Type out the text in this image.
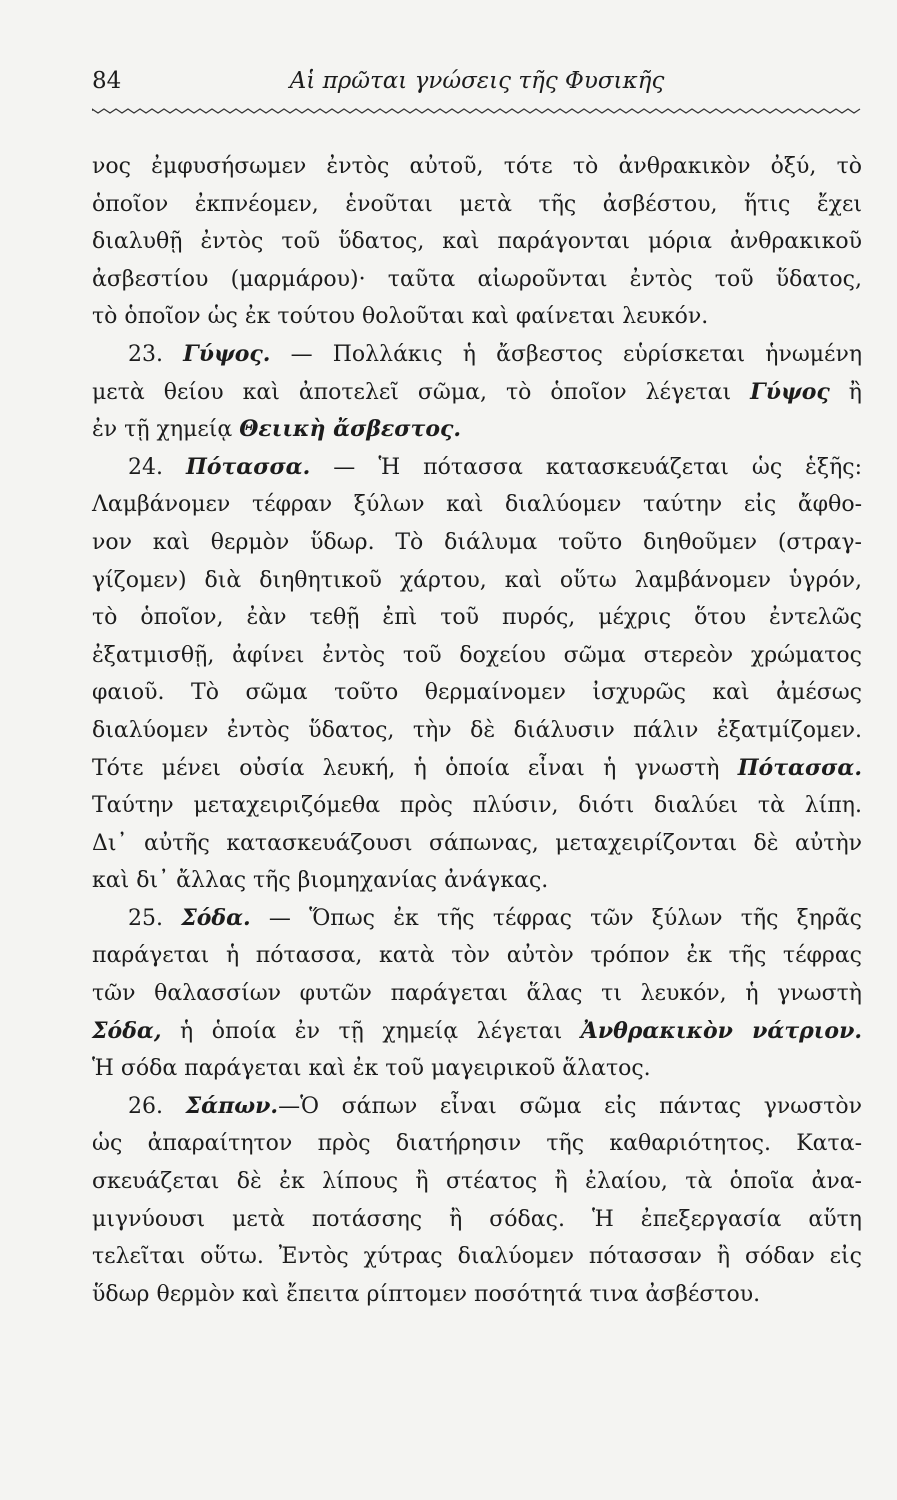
84	Αἱ πρῶται γνώσεις τῆς Φυσικῆς
νος ἐμφυσήσωμεν ἐντὸς αὐτοῦ, τότε τὸ ἀνθρακικὸν ὀξύ, τὸ
ὁποῖον ἐκπνέομεν, ἑνοῦται μετὰ τῆς ἀσβέστου, ἥτις ἔχει
διαλυθῇ ἐντὸς τοῦ ὕδατος, καὶ παράγονται μόρια ἀνθρακικοῦ
ἀσβεστίου (μαρμάρου)· ταῦτα αἰωροῦνται ἐντὸς τοῦ ὕδατος,
τὸ ὁποῖον ὡς ἐκ τούτου θολοῦται καὶ φαίνεται λευκόν.
23. Γύψος. — Πολλάκις ἡ ἄσβεστος εὑρίσκεται ἡνωμένη
μετὰ θείου καὶ ἀποτελεῖ σῶμα, τὸ ὁποῖον λέγεται Γύψος ἢ
ἐν τῇ χημείᾳ Θειικὴ ἄσβεστος.
24. Πότασσα. — Ἡ πότασσα κατασκευάζεται ὡς ἑξῆς:
Λαμβάνομεν τέφραν ξύλων καὶ διαλύομεν ταύτην εἰς ἄφθο-
νον καὶ θερμὸν ὕδωρ. Τὸ διάλυμα τοῦτο διηθοῦμεν (στραγ-
γίζομεν) διὰ διηθητικοῦ χάρτου, καὶ οὕτω λαμβάνομεν ὑγρόν,
τὸ ὁποῖον, ἐὰν τεθῇ ἐπὶ τοῦ πυρός, μέχρις ὅτου ἐντελῶς
ἐξατμισθῇ, ἀφίνει ἐντὸς τοῦ δοχείου σῶμα στερεὸν χρώματος
φαιοῦ. Τὸ σῶμα τοῦτο θερμαίνομεν ἰσχυρῶς καὶ ἀμέσως
διαλύομεν ἐντὸς ὕδατος, τὴν δὲ διάλυσιν πάλιν ἐξατμίζομεν.
Τότε μένει οὐσία λευκή, ἡ ὁποία εἶναι ἡ γνωστὴ Πότασσα.
Ταύτην μεταχειριζόμεθα πρὸς πλύσιν, διότι διαλύει τὰ λίπη.
Δι᾽ αὐτῆς κατασκευάζουσι σάπωνας, μεταχειρίζονται δὲ αὐτὴν
καὶ δι᾽ ἄλλας τῆς βιομηχανίας ἀνάγκας.
25. Σόδα. — Ὅπως ἐκ τῆς τέφρας τῶν ξύλων τῆς ξηρᾶς
παράγεται ἡ πότασσα, κατὰ τὸν αὐτὸν τρόπον ἐκ τῆς τέφρας
τῶν θαλασσίων φυτῶν παράγεται ἅλας τι λευκόν, ἡ γνωστὴ
Σόδα, ἡ ὁποία ἐν τῇ χημείᾳ λέγεται Ἀνθρακικὸν νάτριον.
Ἡ σόδα παράγεται καὶ ἐκ τοῦ μαγειρικοῦ ἅλατος.
26. Σάπων.—Ὁ σάπων εἶναι σῶμα εἰς πάντας γνωστὸν
ὡς ἀπαραίτητον πρὸς διατήρησιν τῆς καθαριότητος. Κατα-
σκευάζεται δὲ ἐκ λίπους ἢ στέατος ἢ ἐλαίου, τὰ ὁποῖα ἀνα-
μιγνύουσι μετὰ ποτάσσης ἢ σόδας. Ἡ ἐπεξεργασία αὕτη
τελεῖται οὕτω. Ἐντὸς χύτρας διαλύομεν πότασσαν ἢ σόδαν εἰς
ὕδωρ θερμὸν καὶ ἔπειτα ρίπτομεν ποσότητά τινα ἀσβέστου.
